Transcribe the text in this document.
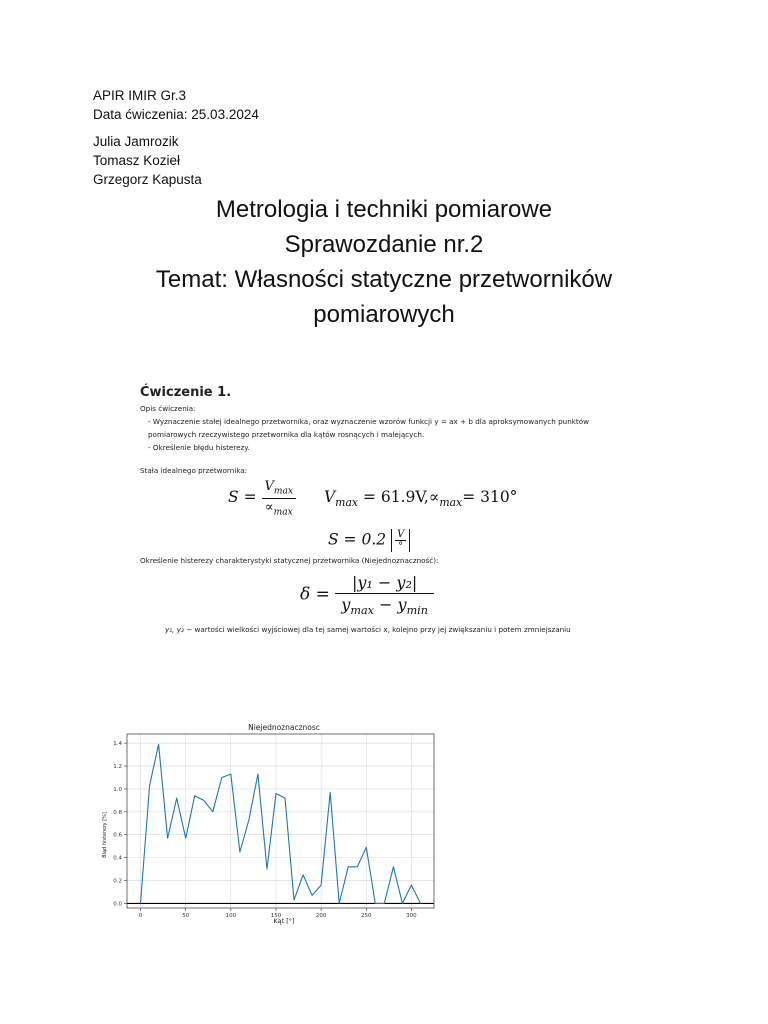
APIR IMIR Gr.3
Data ćwiczenia: 25.03.2024
Julia Jamrozik
Tomasz Kozieł
Grzegorz Kapusta
Metrologia i techniki pomiarowe
Sprawozdanie nr.2
Temat: Własności statyczne przetworników
pomiarowych
Ćwiczenie 1.
Opis ćwiczenia:
- Wyznaczenie stałej idealnego przetwornika, oraz wyznaczenie wzorów funkcji y = ax + b dla aproksymowanych punktów
pomiarowych rzeczywistego przetwornika dla kątów rosnących i malejących.
- Określenie błędu histerezy.
Stała idealnego przetwornika:
$S = \frac{V_{max}}{\propto_{max}} V_{max} = 61.9V,\propto_{max}= 310^\circ$
$S = 0.2 \frac{V}{^\circ}$
Określenie histerezy charakterystyki statycznej przetwornika (Niejednoznaczność):
$\delta = \frac{\text{|y₁ − y₂|}}{y_{max} - y_{min}}$
y₁, y₂ − wartości wielkości wyjściowej dla tej samej wartości x, kolejno przy jej zwiększaniu i potem zmniejszaniu
Niejednoznacznosc
Kąt [°]
Błąd histerezy [%]
0	50	100	150	200	250	300
0.0
0.2
0.4
0.6
0.8
1.0
1.2
1.4
